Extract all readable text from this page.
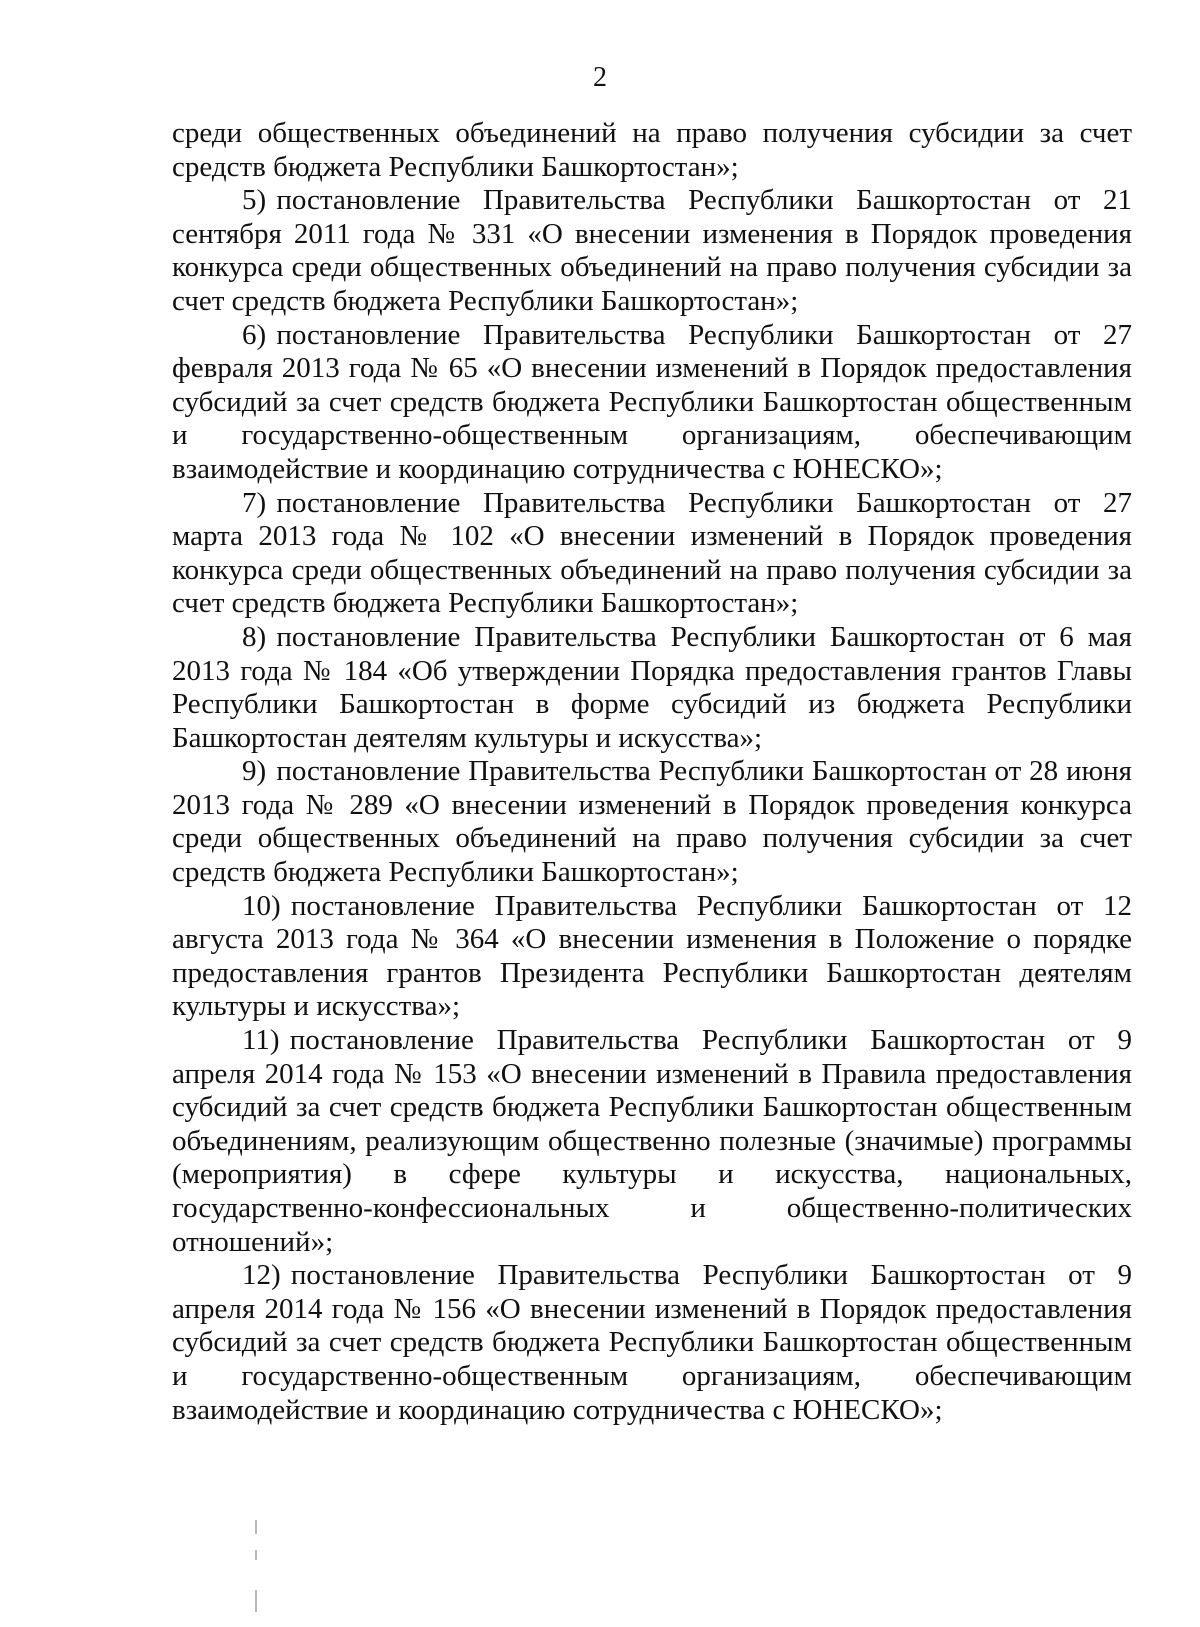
2

среди общественных объединений на право получения субсидии за счет средств бюджета Республики Башкортостан»;

5) постановление Правительства Республики Башкортостан от 21 сентября 2011 года № 331 «О внесении изменения в Порядок проведения конкурса среди общественных объединений на право получения субсидии за счет средств бюджета Республики Башкортостан»;

6) постановление Правительства Республики Башкортостан от 27 февраля 2013 года № 65 «О внесении изменений в Порядок предоставления субсидий за счет средств бюджета Республики Башкортостан общественным и государственно-общественным организациям, обеспечивающим взаимодействие и координацию сотрудничества с ЮНЕСКО»;

7) постановление Правительства Республики Башкортостан от 27 марта 2013 года № 102 «О внесении изменений в Порядок проведения конкурса среди общественных объединений на право получения субсидии за счет средств бюджета Республики Башкортостан»;

8) постановление Правительства Республики Башкортостан от 6 мая 2013 года № 184 «Об утверждении Порядка предоставления грантов Главы Республики Башкортостан в форме субсидий из бюджета Республики Башкортостан деятелям культуры и искусства»;

9) постановление Правительства Республики Башкортостан от 28 июня 2013 года № 289 «О внесении изменений в Порядок проведения конкурса среди общественных объединений на право получения субсидии за счет средств бюджета Республики Башкортостан»;

10) постановление Правительства Республики Башкортостан от 12 августа 2013 года № 364 «О внесении изменения в Положение о порядке предоставления грантов Президента Республики Башкортостан деятелям культуры и искусства»;

11) постановление Правительства Республики Башкортостан от 9 апреля 2014 года № 153 «О внесении изменений в Правила предоставления субсидий за счет средств бюджета Республики Башкортостан общественным объединениям, реализующим общественно полезные (значимые) программы (мероприятия) в сфере культуры и искусства, национальных, государственно-конфессиональных и общественно-политических отношений»;

12) постановление Правительства Республики Башкортостан от 9 апреля 2014 года № 156 «О внесении изменений в Порядок предоставления субсидий за счет средств бюджета Республики Башкортостан общественным и государственно-общественным организациям, обеспечивающим взаимодействие и координацию сотрудничества с ЮНЕСКО»;
